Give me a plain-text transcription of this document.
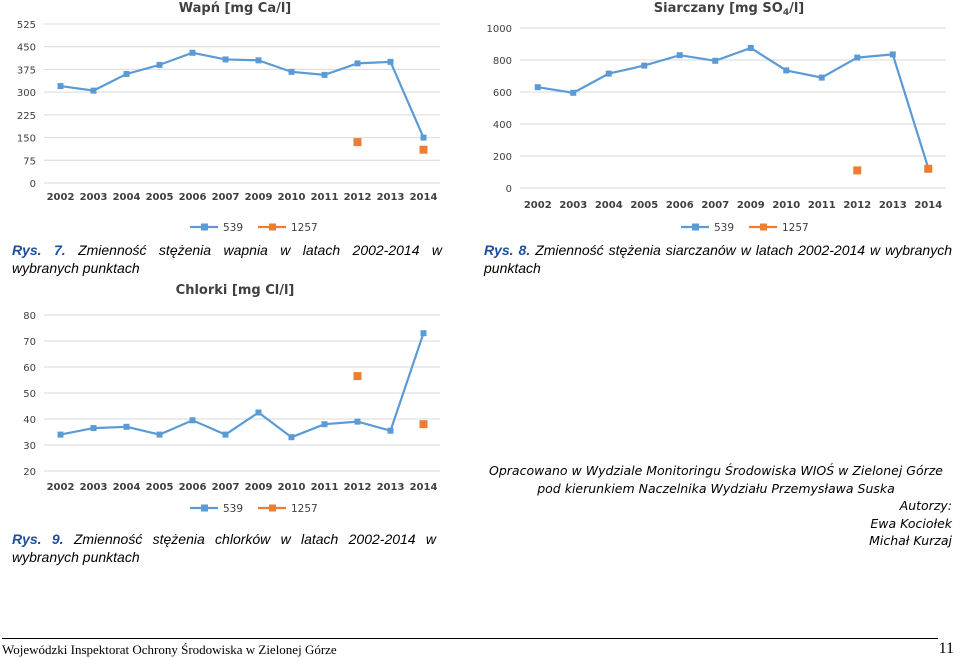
Wapń [mg Ca/l]
0
75
150
225
300
375
450
525
2002 2003 2004 2005 2006 2007 2009 2010 2011 2012 2013 2014
539	1257
Siarczany [mg $SO_4/l$]
0
200
400
600
800
1000
2002 2003 2004 2005 2006 2007 2009 2010 2011 2012 2013 2014
539	1257
Chlorki [mg Cl/l]
20
30
40
50
60
70
80
2002 2003 2004 2005 2006 2007 2009 2010 2011 2012 2013 2014
539	1257
Rys. 7. Zmienność stężenia wapnia w latach 2002-2014 w wybranych punktach
Rys. 8. Zmienność stężenia siarczanów w latach 2002-2014 w wybranych punktach
Rys. 9. Zmienność stężenia chlorków w latach 2002-2014 w wybranych punktach
Opracowano w Wydziale Monitoringu Środowiska WIOŚ w Zielonej Górze
pod kierunkiem Naczelnika Wydziału Przemysława Suska
Autorzy:
Ewa Kociołek
Michał Kurzaj
Wojewódzki Inspektorat Ochrony Środowiska w Zielonej Górze	11
